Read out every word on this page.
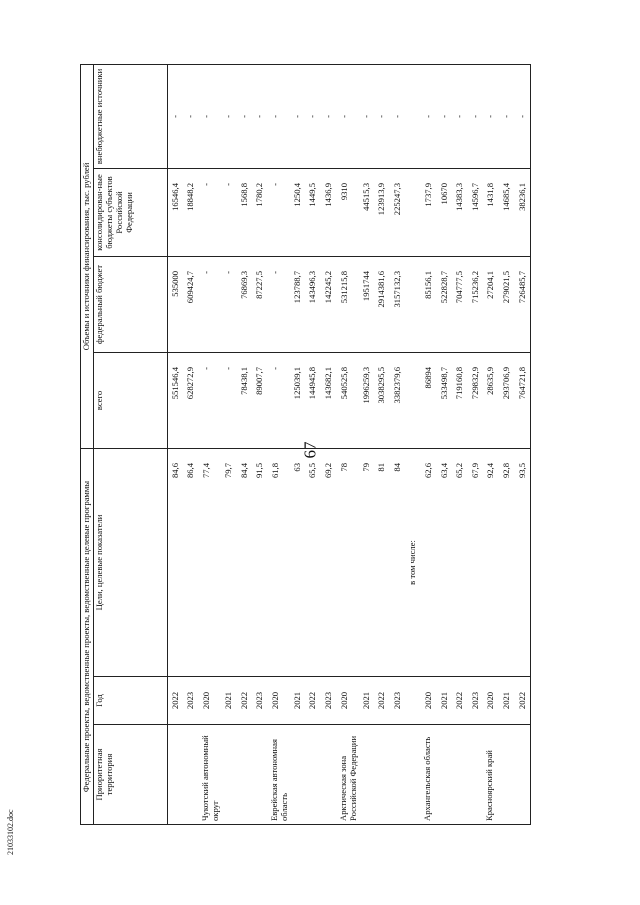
67
21033102.doc
Федеральные проекты, ведомственные проекты, ведомственные целевые программы			Объемы и источники финансирования, тыс. рублей			
Приоритетная территория	Год	Цели, целевые показатели	всего	федеральный бюджет	консолидирован-ные бюджеты субъектов Российской Федерации	внебюджетные источники
	2022	84,6	551546,4	535000	16546,4	-
	2023	86,4	628272,9	609424,7	18848,2	-
Чукотский автономный округ	2020	77,4	-	-	-	-
	2021	79,7	-	-	-	-
	2022	84,4	78438,1	76869,3	1568,8	-
	2023	91,5	89007,7	87227,5	1780,2	-
Еврейская автономная область	2020	61,8	-	-	-	-
	2021	63	125039,1	123788,7	1250,4	-
	2022	65,5	144945,8	143496,3	1449,5	-
	2023	69,2	143682,1	142245,2	1436,9	-
Арктическая зона Российской Федерации	2020	78	540525,8	531215,8	9310	-
	2021	79	1996259,3	1951744	44515,3	-
	2022	81	3038295,5	2914381,6	123913,9	-
	2023	84	3382379,6	3157132,3	225247,3	-
		в том числе:				
Архангельская область	2020	62,6	86894	85156,1	1737,9	-
	2021	63,4	533498,7	522828,7	10670	-
	2022	65,2	719160,8	704777,5	14383,3	-
	2023	67,9	729832,9	715236,2	14596,7	-
Красноярский край	2020	92,4	28635,9	27204,1	1431,8	-
	2021	92,8	293706,9	279021,5	14685,4	-
	2022	93,5	764721,8	726485,7	38236,1	-
